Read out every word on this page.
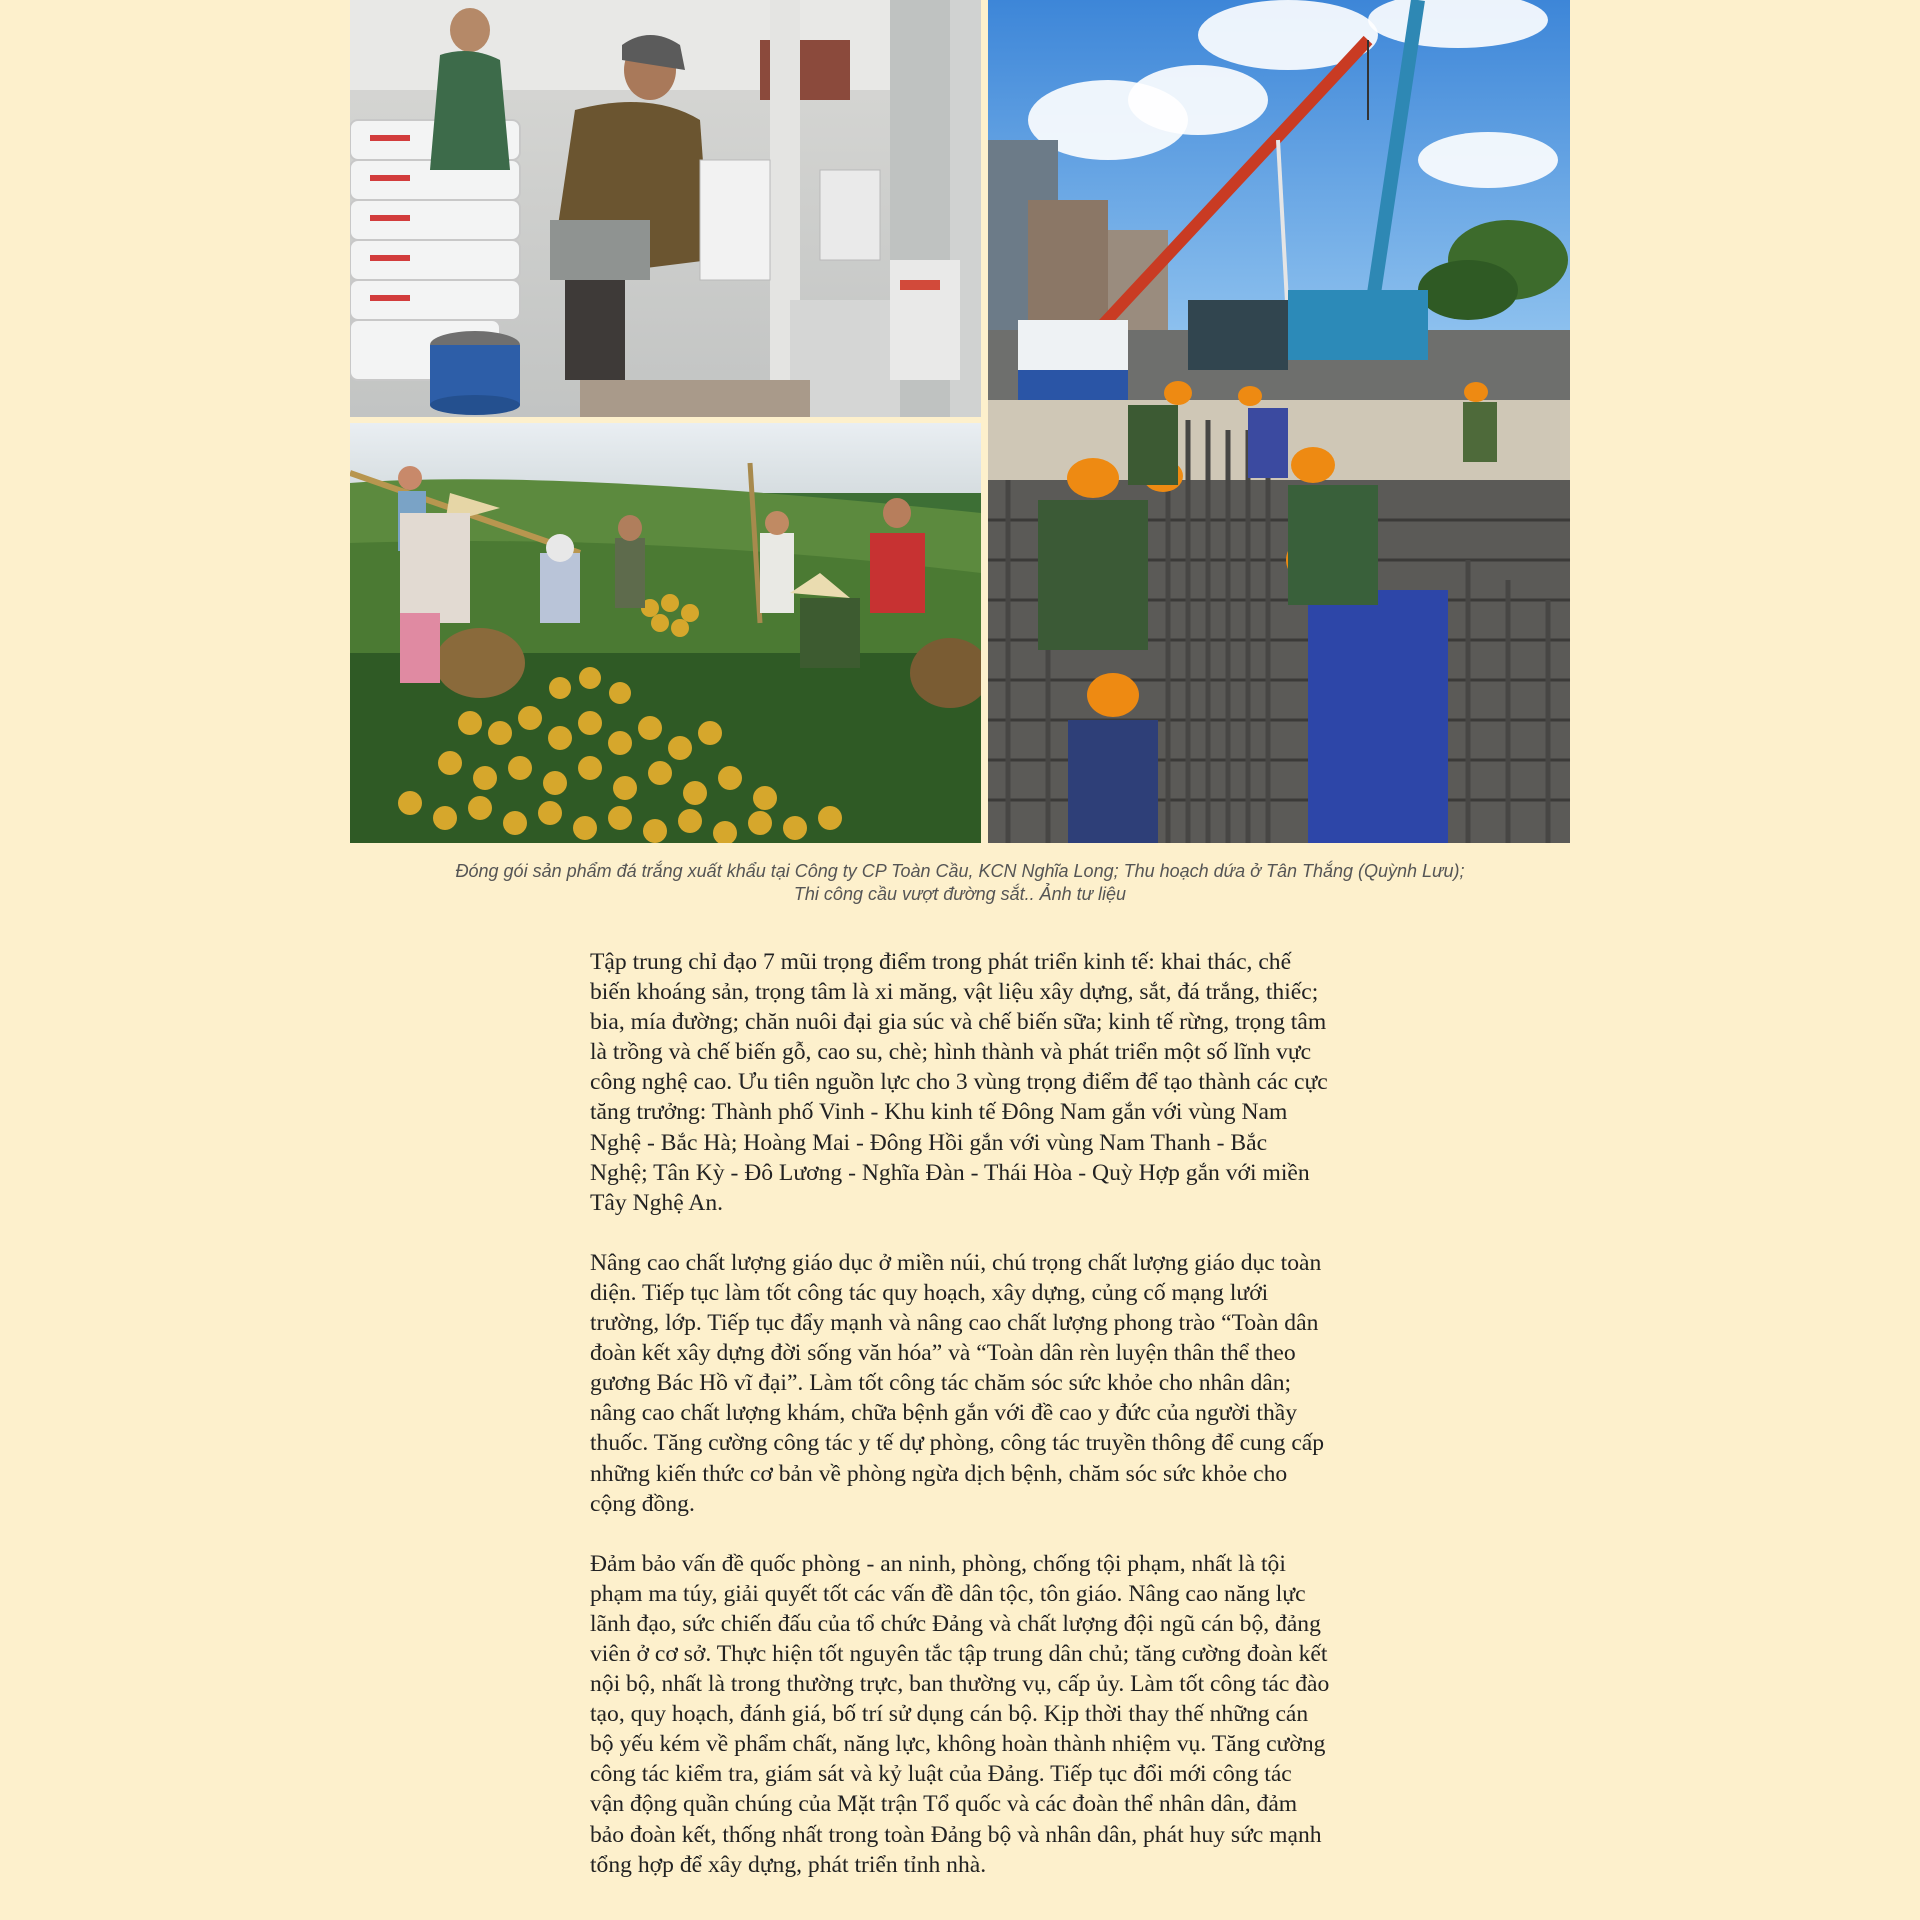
Đóng gói sản phẩm đá trắng xuất khẩu tại Công ty CP Toàn Cầu, KCN Nghĩa Long; Thu hoạch dứa ở Tân Thắng (Quỳnh Lưu);
Thi công cầu vượt đường sắt.. Ảnh tư liệu

Tập trung chỉ đạo 7 mũi trọng điểm trong phát triển kinh tế: khai thác, chế biến khoáng sản, trọng tâm là xi măng, vật liệu xây dựng, sắt, đá trắng, thiếc; bia, mía đường; chăn nuôi đại gia súc và chế biến sữa; kinh tế rừng, trọng tâm là trồng và chế biến gỗ, cao su, chè; hình thành và phát triển một số lĩnh vực công nghệ cao. Ưu tiên nguồn lực cho 3 vùng trọng điểm để tạo thành các cực tăng trưởng: Thành phố Vinh - Khu kinh tế Đông Nam gắn với vùng Nam Nghệ - Bắc Hà; Hoàng Mai - Đông Hồi gắn với vùng Nam Thanh - Bắc Nghệ; Tân Kỳ - Đô Lương - Nghĩa Đàn - Thái Hòa - Quỳ Hợp gắn với miền Tây Nghệ An.

Nâng cao chất lượng giáo dục ở miền núi, chú trọng chất lượng giáo dục toàn diện. Tiếp tục làm tốt công tác quy hoạch, xây dựng, củng cố mạng lưới trường, lớp. Tiếp tục đẩy mạnh và nâng cao chất lượng phong trào “Toàn dân đoàn kết xây dựng đời sống văn hóa” và “Toàn dân rèn luyện thân thể theo gương Bác Hồ vĩ đại”. Làm tốt công tác chăm sóc sức khỏe cho nhân dân; nâng cao chất lượng khám, chữa bệnh gắn với đề cao y đức của người thầy thuốc. Tăng cường công tác y tế dự phòng, công tác truyền thông để cung cấp những kiến thức cơ bản về phòng ngừa dịch bệnh, chăm sóc sức khỏe cho cộng đồng.

Đảm bảo vấn đề quốc phòng - an ninh, phòng, chống tội phạm, nhất là tội phạm ma túy, giải quyết tốt các vấn đề dân tộc, tôn giáo. Nâng cao năng lực lãnh đạo, sức chiến đấu của tổ chức Đảng và chất lượng đội ngũ cán bộ, đảng viên ở cơ sở. Thực hiện tốt nguyên tắc tập trung dân chủ; tăng cường đoàn kết nội bộ, nhất là trong thường trực, ban thường vụ, cấp ủy. Làm tốt công tác đào tạo, quy hoạch, đánh giá, bố trí sử dụng cán bộ. Kịp thời thay thế những cán bộ yếu kém về phẩm chất, năng lực, không hoàn thành nhiệm vụ. Tăng cường công tác kiểm tra, giám sát và kỷ luật của Đảng. Tiếp tục đổi mới công tác vận động quần chúng của Mặt trận Tổ quốc và các đoàn thể nhân dân, đảm bảo đoàn kết, thống nhất trong toàn Đảng bộ và nhân dân, phát huy sức mạnh tổng hợp để xây dựng, phát triển tỉnh nhà.
